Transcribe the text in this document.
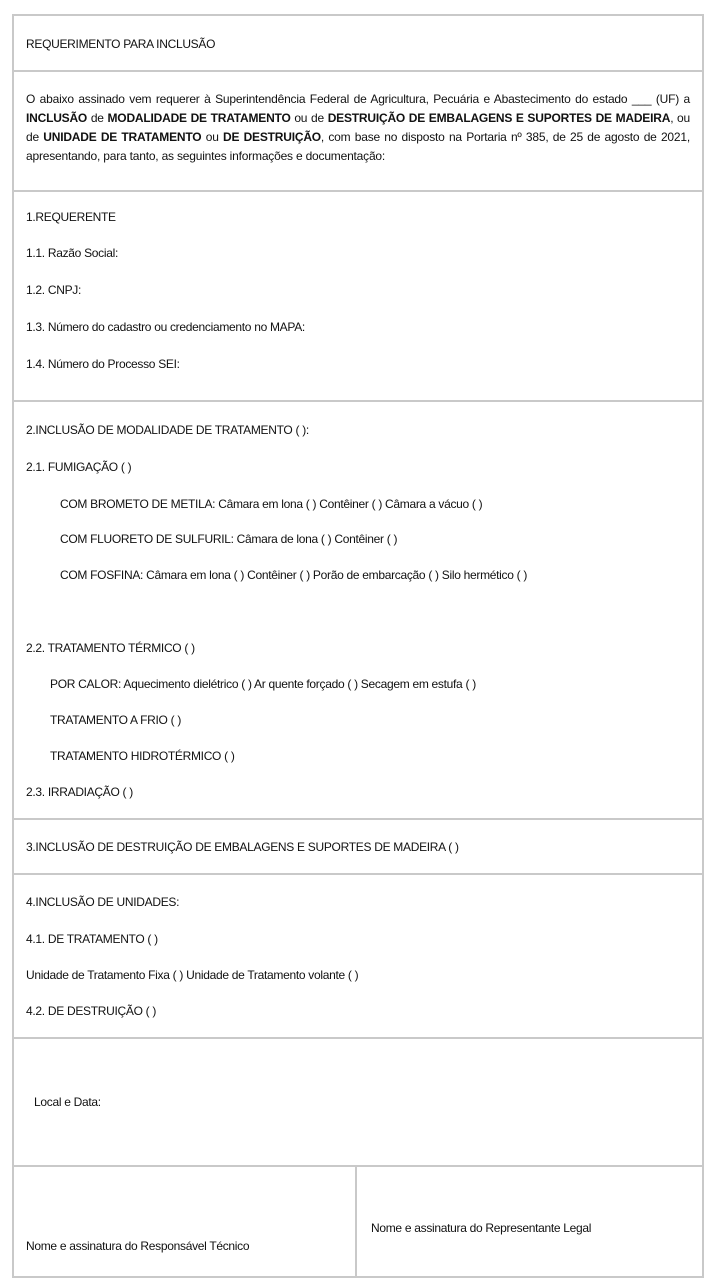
REQUERIMENTO PARA INCLUSÃO
O abaixo assinado vem requerer à Superintendência Federal de Agricultura, Pecuária e Abastecimento do estado ___ (UF) a INCLUSÃO de MODALIDADE DE TRATAMENTO ou de DESTRUIÇÃO DE EMBALAGENS E SUPORTES DE MADEIRA, ou de UNIDADE DE TRATAMENTO ou DE DESTRUIÇÃO, com base no disposto na Portaria nº 385, de 25 de agosto de 2021, apresentando, para tanto, as seguintes informações e documentação:
1.REQUERENTE
1.1. Razão Social:
1.2. CNPJ:
1.3. Número do cadastro ou credenciamento no MAPA:
1.4. Número do Processo SEI:
2.INCLUSÃO DE MODALIDADE DE TRATAMENTO ( ):
2.1. FUMIGAÇÃO ( )
COM BROMETO DE METILA: Câmara em lona ( ) Contêiner ( ) Câmara a vácuo ( )
COM FLUORETO DE SULFURIL: Câmara de lona ( ) Contêiner ( )
COM FOSFINA: Câmara em lona ( ) Contêiner ( ) Porão de embarcação ( ) Silo hermético ( )
2.2. TRATAMENTO TÉRMICO ( )
POR CALOR: Aquecimento dielétrico ( ) Ar quente forçado ( ) Secagem em estufa ( )
TRATAMENTO A FRIO ( )
TRATAMENTO HIDROTÉRMICO ( )
2.3. IRRADIAÇÃO ( )
3.INCLUSÃO DE DESTRUIÇÃO DE EMBALAGENS E SUPORTES DE MADEIRA ( )
4.INCLUSÃO DE UNIDADES:
4.1. DE TRATAMENTO ( )
Unidade de Tratamento Fixa ( ) Unidade de Tratamento volante ( )
4.2. DE DESTRUIÇÃO ( )
Local e Data:
Nome e assinatura do Responsável Técnico
Nome e assinatura do Representante Legal
